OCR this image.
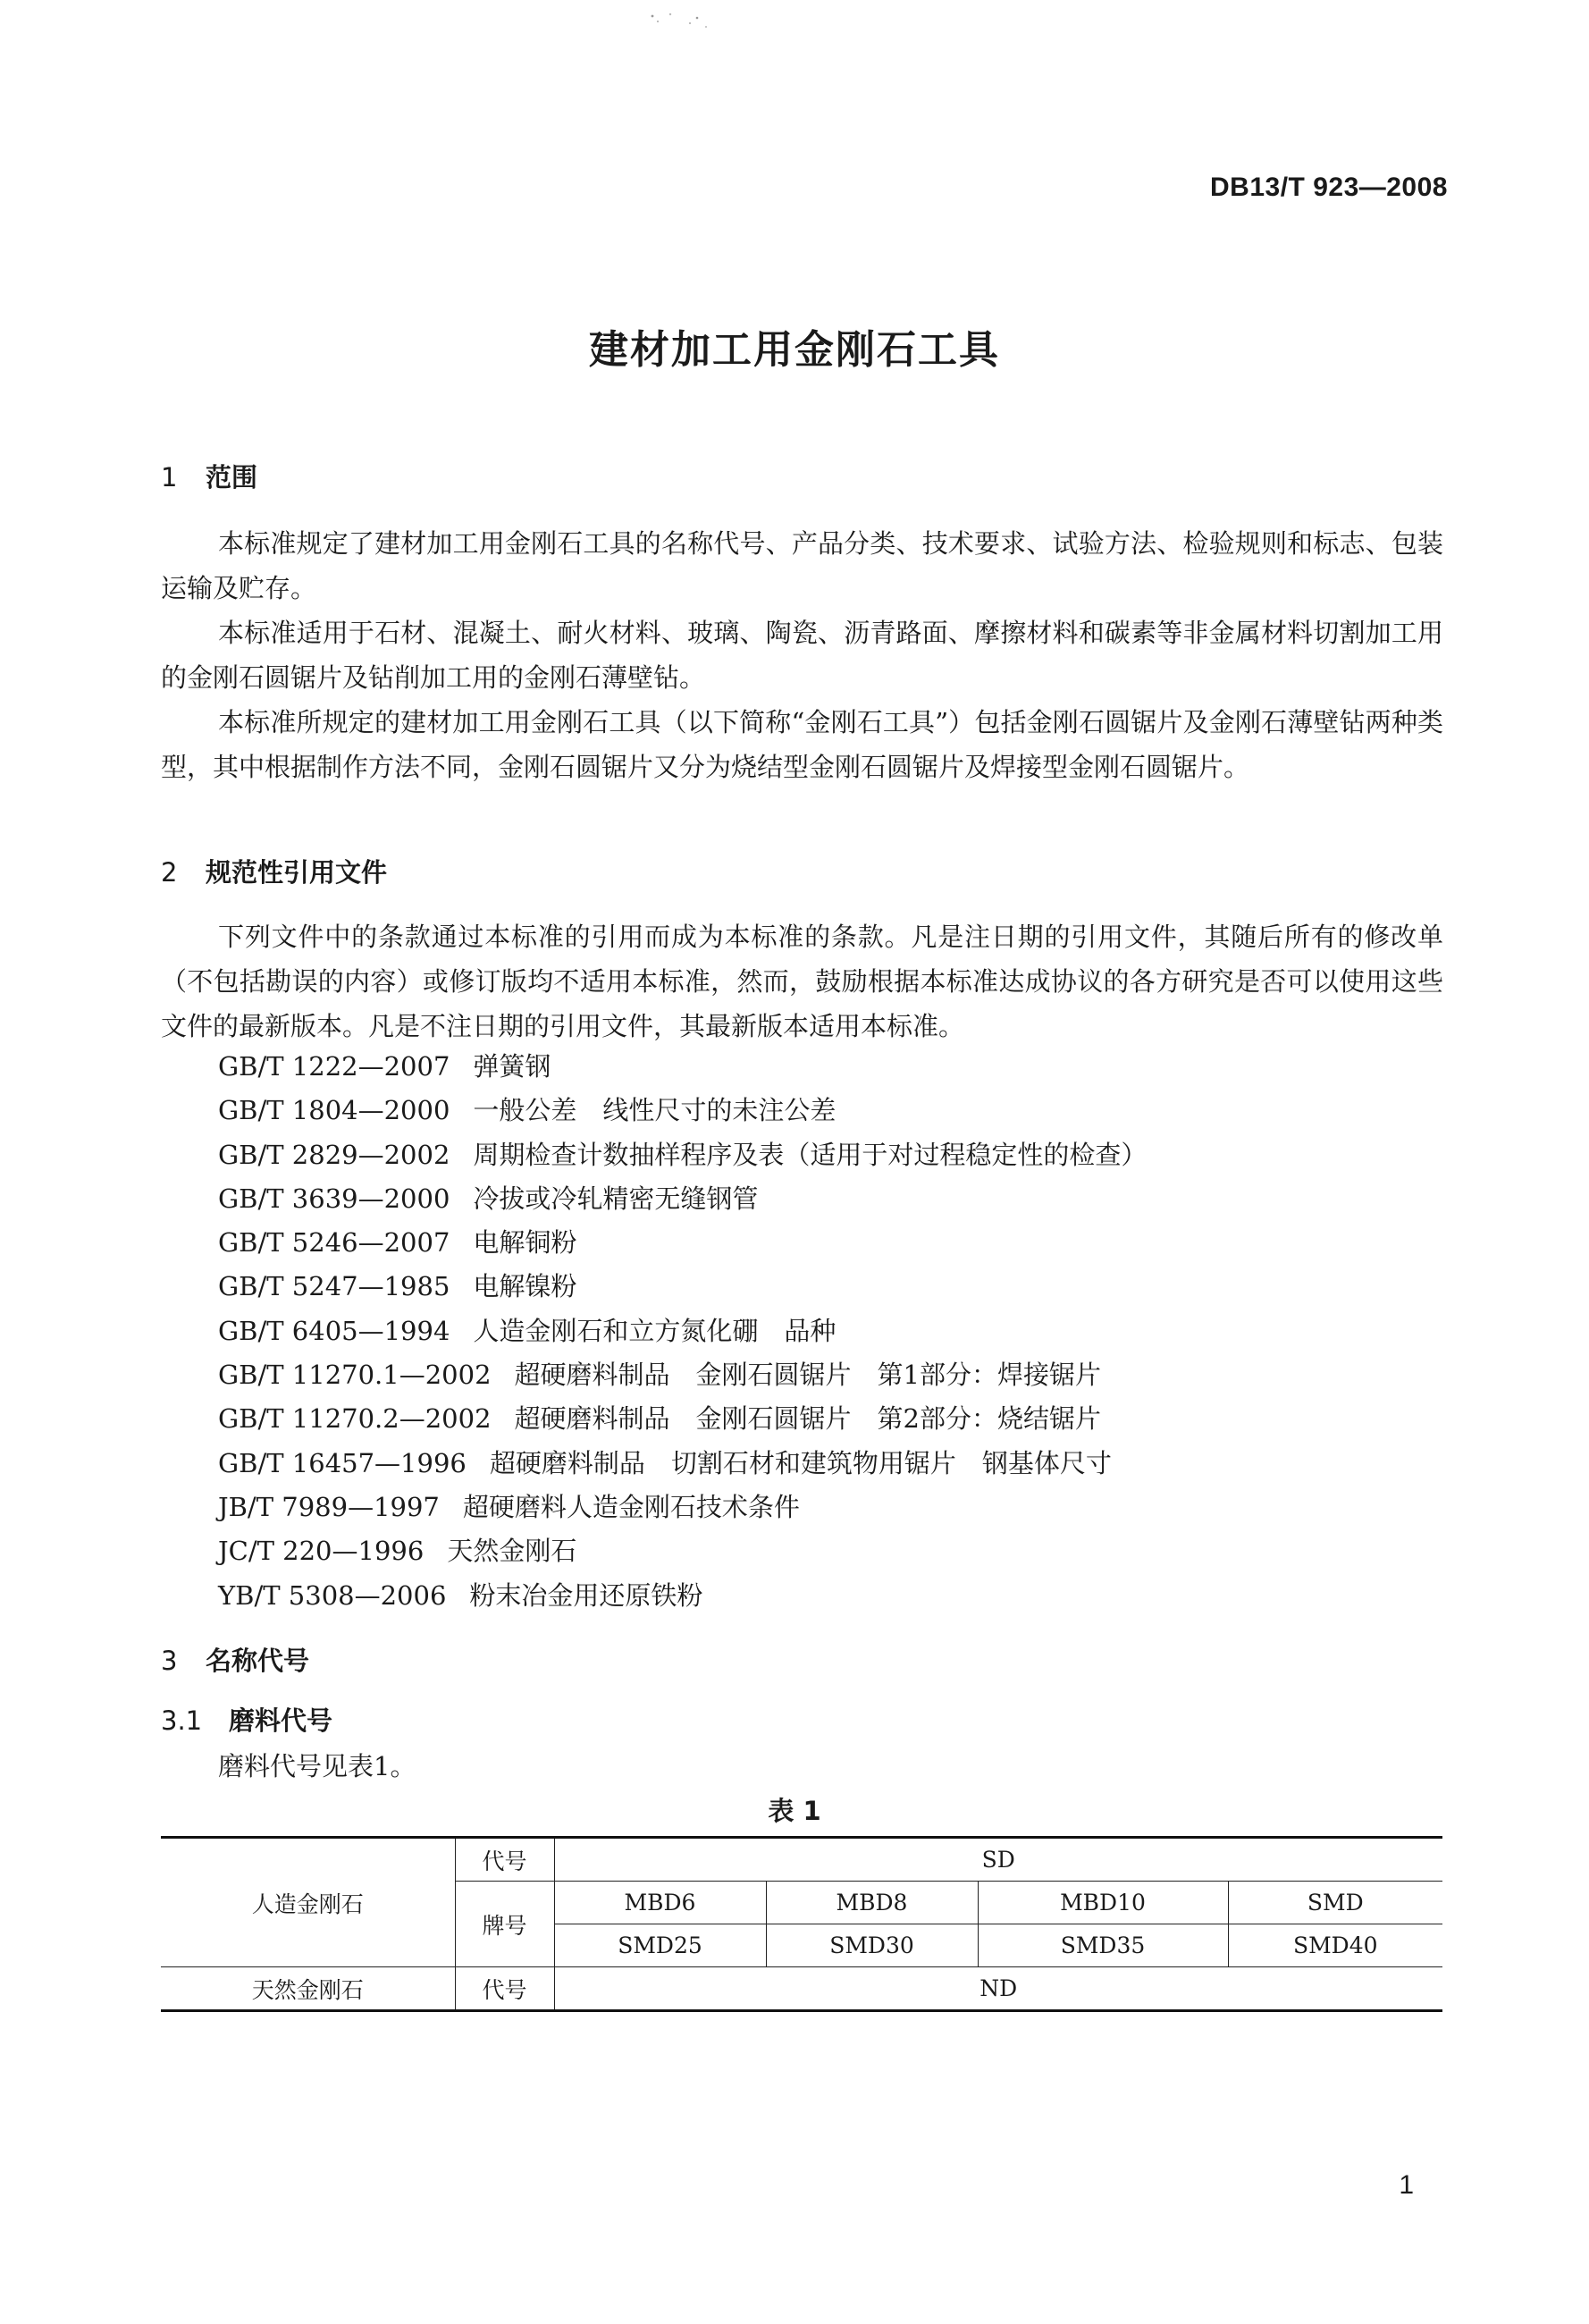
DB13/T 923—2008
建材加工用金刚石工具
1 范围
本标准规定了建材加工用金刚石工具的名称代号、产品分类、技术要求、试验方法、检验规则和标志、包装运输及贮存。
本标准适用于石材、混凝土、耐火材料、玻璃、陶瓷、沥青路面、摩擦材料和碳素等非金属材料切割加工用的金刚石圆锯片及钻削加工用的金刚石薄壁钻。
本标准所规定的建材加工用金刚石工具（以下简称“金刚石工具”）包括金刚石圆锯片及金刚石薄壁钻两种类型，其中根据制作方法不同，金刚石圆锯片又分为烧结型金刚石圆锯片及焊接型金刚石圆锯片。
2 规范性引用文件
下列文件中的条款通过本标准的引用而成为本标准的条款。凡是注日期的引用文件，其随后所有的修改单（不包括勘误的内容）或修订版均不适用本标准，然而，鼓励根据本标准达成协议的各方研究是否可以使用这些文件的最新版本。凡是不注日期的引用文件，其最新版本适用本标准。
GB/T 1222—2007 弹簧钢
GB/T 1804—2000 一般公差　线性尺寸的未注公差
GB/T 2829—2002 周期检查计数抽样程序及表（适用于对过程稳定性的检查）
GB/T 3639—2000 冷拔或冷轧精密无缝钢管
GB/T 5246—2007 电解铜粉
GB/T 5247—1985 电解镍粉
GB/T 6405—1994 人造金刚石和立方氮化硼　品种
GB/T 11270.1—2002 超硬磨料制品　金刚石圆锯片　第1部分：焊接锯片
GB/T 11270.2—2002 超硬磨料制品　金刚石圆锯片　第2部分：烧结锯片
GB/T 16457—1996 超硬磨料制品　切割石材和建筑物用锯片　钢基体尺寸
JB/T 7989—1997 超硬磨料人造金刚石技术条件
JC/T 220—1996 天然金刚石
YB/T 5308—2006 粉末冶金用还原铁粉
3 名称代号
3.1 磨料代号
磨料代号见表1。
表 1
人造金刚石	代号	SD			
	牌号	MBD6	MBD8	MBD10	SMD
		SMD25	SMD30	SMD35	SMD40
天然金刚石	代号	ND			
1
